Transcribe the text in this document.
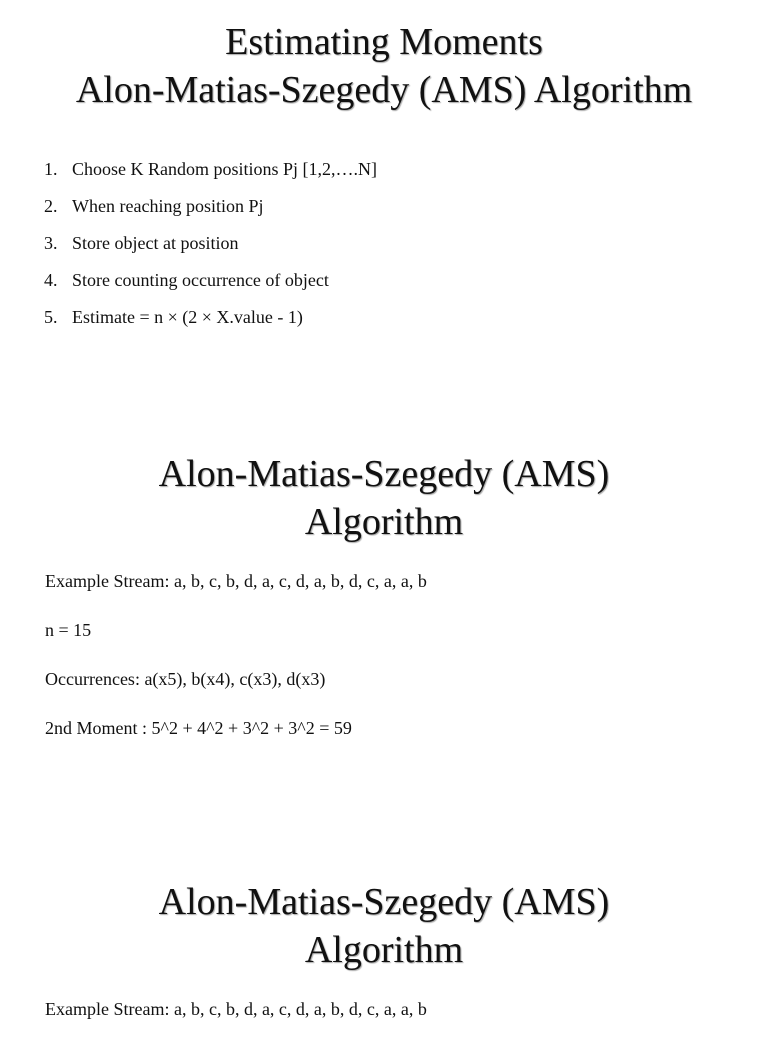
Estimating Moments
Alon-Matias-Szegedy (AMS) Algorithm
1. Choose K Random positions Pj [1,2,….N]
2. When reaching position Pj
3. Store object at position
4. Store counting occurrence of object
5. Estimate = n × (2 × X.value - 1)
Alon-Matias-Szegedy (AMS)
Algorithm

Example Stream: a, b, c, b, d, a, c, d, a, b, d, c, a, a, b

n = 15

Occurrences: a(x5), b(x4), c(x3), d(x3)

2nd Moment : 5^2 + 4^2 + 3^2 + 3^2 = 59

Alon-Matias-Szegedy (AMS)
Algorithm

Example Stream: a, b, c, b, d, a, c, d, a, b, d, c, a, a, b
